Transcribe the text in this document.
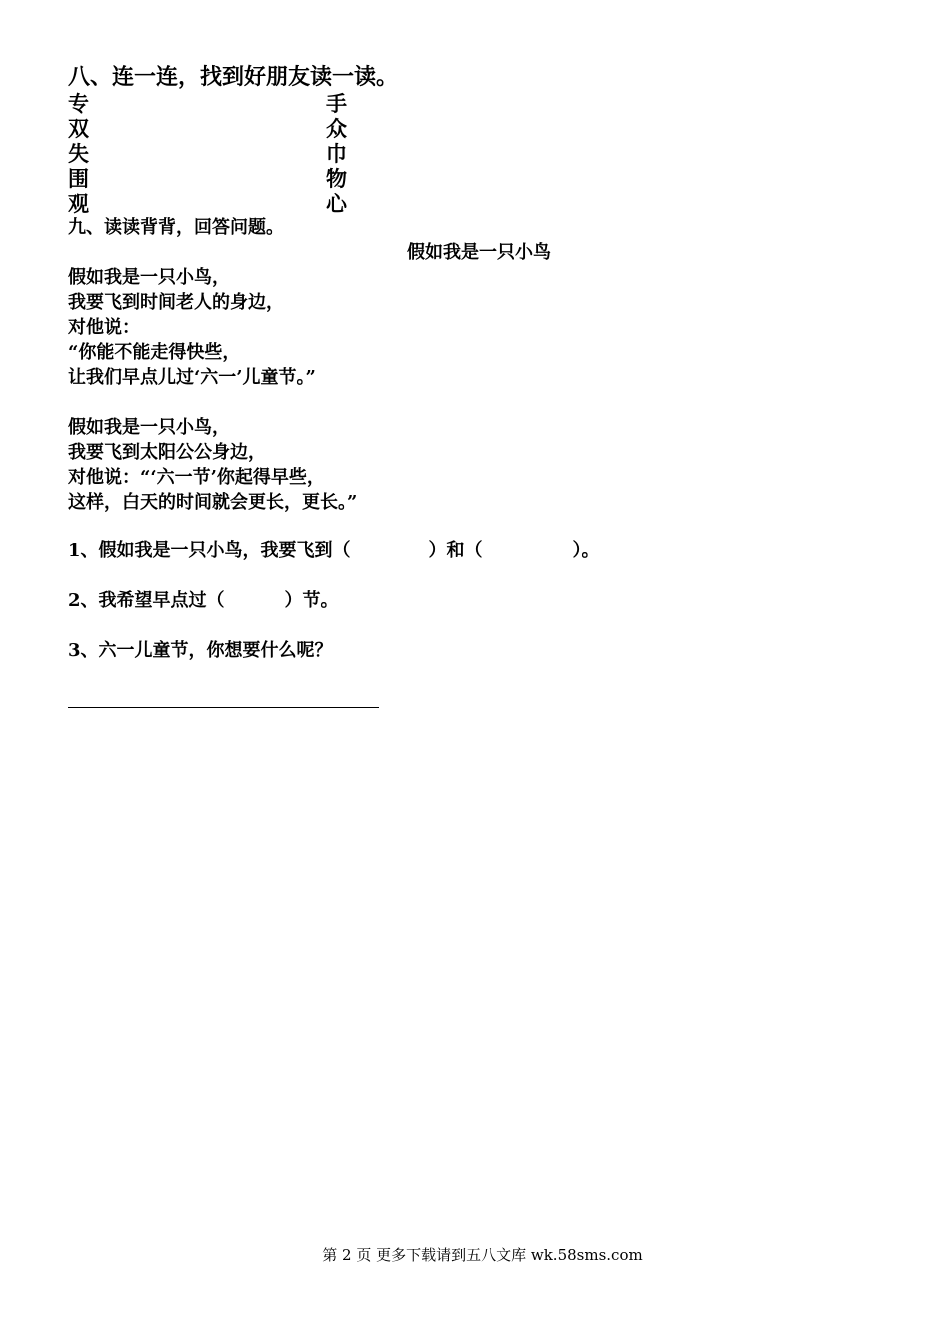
八、连一连，找到好朋友读一读。
专	手
双	众
失	巾
围	物
观	心
九、读读背背，回答问题。
假如我是一只小鸟
假如我是一只小鸟，
我要飞到时间老人的身边，
对他说：
“你能不能走得快些，
让我们早点儿过‘六一’儿童节。”
假如我是一只小鸟，
我要飞到太阳公公身边，
对他说：“‘六一节’你起得早些，
这样，白天的时间就会更长，更长。”
1、假如我是一只小鸟，我要飞到（	）和（	）。
2、我希望早点过（	）节。
3、六一儿童节，你想要什么呢？
第 2 页 更多下载请到五八文库 wk.58sms.com
